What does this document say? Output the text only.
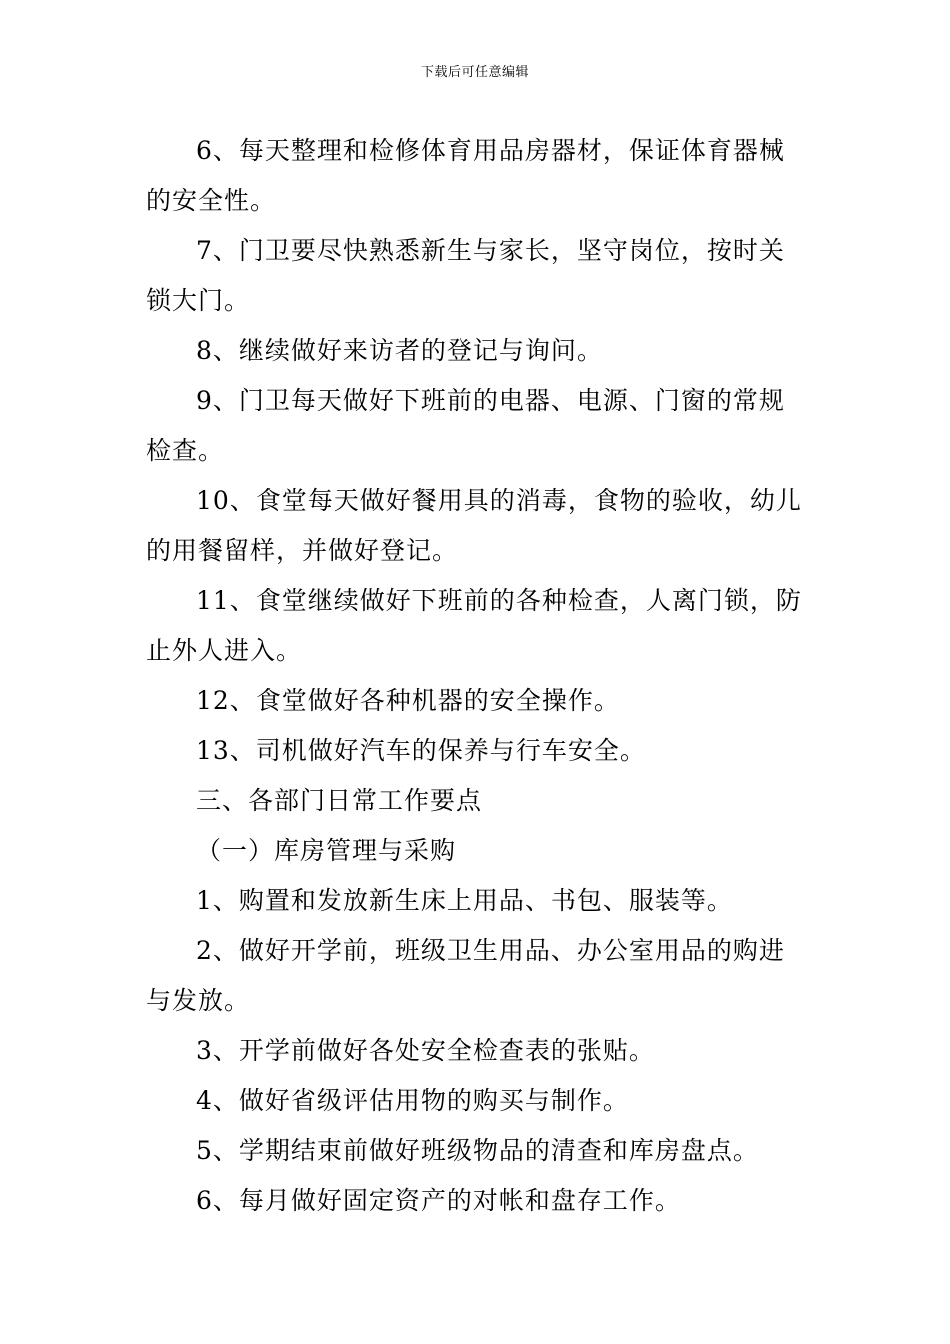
下载后可任意编辑

6、每天整理和检修体育用品房器材，保证体育器械的安全性。

7、门卫要尽快熟悉新生与家长，坚守岗位，按时关锁大门。

8、继续做好来访者的登记与询问。

9、门卫每天做好下班前的电器、电源、门窗的常规检查。

10、食堂每天做好餐用具的消毒，食物的验收，幼儿的用餐留样，并做好登记。

11、食堂继续做好下班前的各种检查，人离门锁，防止外人进入。

12、食堂做好各种机器的安全操作。

13、司机做好汽车的保养与行车安全。

三、各部门日常工作要点

（一）库房管理与采购

1、购置和发放新生床上用品、书包、服装等。

2、做好开学前，班级卫生用品、办公室用品的购进与发放。

3、开学前做好各处安全检查表的张贴。

4、做好省级评估用物的购买与制作。

5、学期结束前做好班级物品的清查和库房盘点。

6、每月做好固定资产的对帐和盘存工作。
